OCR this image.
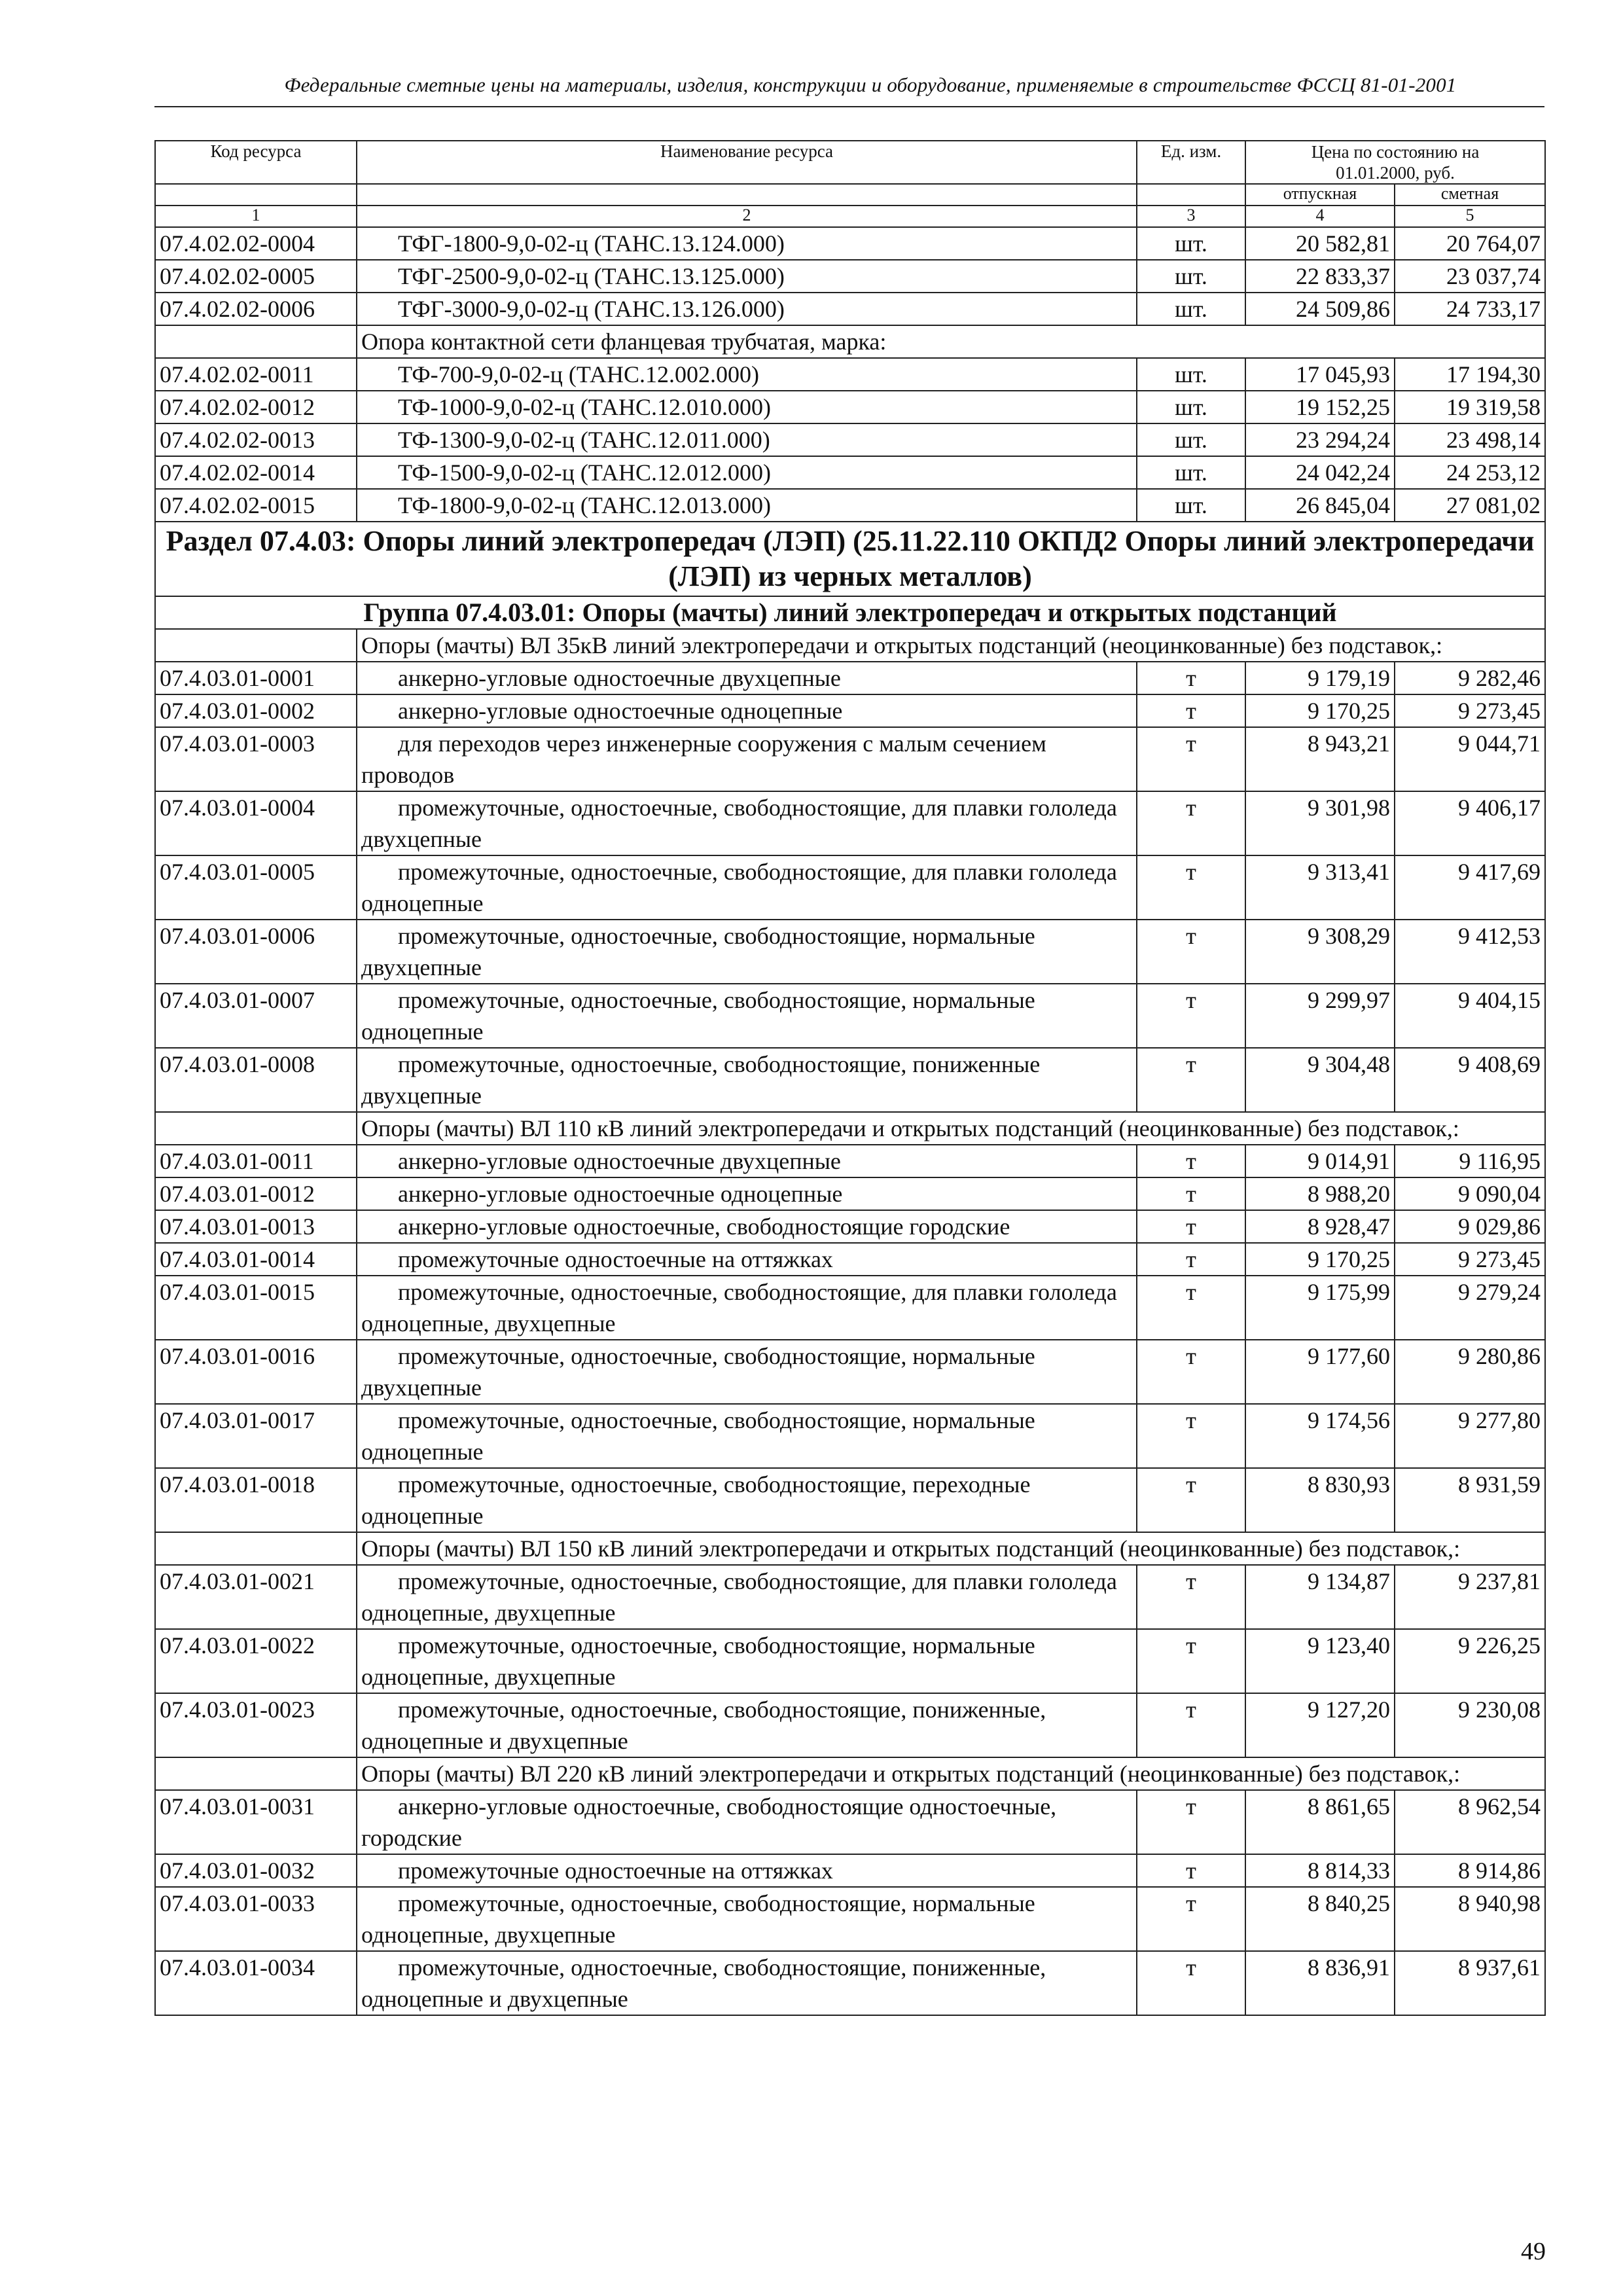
Федеральные сметные цены на материалы, изделия, конструкции и оборудование, применяемые в строительстве ФССЦ 81-01-2001
Код ресурса	Наименование ресурса	Ед. изм.	Цена по состоянию на 01.01.2000, руб.	

			отпускная	сметная
1	2	3	4	5
07.4.02.02-0004	ТФГ-1800-9,0-02-ц (ТАНС.13.124.000)	шт.	20 582,81	20 764,07
07.4.02.02-0005	ТФГ-2500-9,0-02-ц (ТАНС.13.125.000)	шт.	22 833,37	23 037,74
07.4.02.02-0006	ТФГ-3000-9,0-02-ц (ТАНС.13.126.000)	шт.	24 509,86	24 733,17
	Опора контактной сети фланцевая трубчатая, марка:			
07.4.02.02-0011	ТФ-700-9,0-02-ц (ТАНС.12.002.000)	шт.	17 045,93	17 194,30
07.4.02.02-0012	ТФ-1000-9,0-02-ц (ТАНС.12.010.000)	шт.	19 152,25	19 319,58
07.4.02.02-0013	ТФ-1300-9,0-02-ц (ТАНС.12.011.000)	шт.	23 294,24	23 498,14
07.4.02.02-0014	ТФ-1500-9,0-02-ц (ТАНС.12.012.000)	шт.	24 042,24	24 253,12
07.4.02.02-0015	ТФ-1800-9,0-02-ц (ТАНС.12.013.000)	шт.	26 845,04	27 081,02
Раздел 07.4.03: Опоры линий электропередач (ЛЭП) (25.11.22.110 ОКПД2 Опоры линий электропередачи (ЛЭП) из черных металлов)				
Группа 07.4.03.01: Опоры (мачты) линий электропередач и открытых подстанций				
	Опоры (мачты) ВЛ 35кВ линий электропередачи и открытых подстанций (неоцинкованные) без подставок,:			
07.4.03.01-0001	анкерно-угловые одностоечные двухцепные	т	9 179,19	9 282,46
07.4.03.01-0002	анкерно-угловые одностоечные одноцепные	т	9 170,25	9 273,45
07.4.03.01-0003	для переходов через инженерные сооружения с малым сечением проводов	т	8 943,21	9 044,71
07.4.03.01-0004	промежуточные, одностоечные, свободностоящие, для плавки гололеда двухцепные	т	9 301,98	9 406,17
07.4.03.01-0005	промежуточные, одностоечные, свободностоящие, для плавки гололеда одноцепные	т	9 313,41	9 417,69
07.4.03.01-0006	промежуточные, одностоечные, свободностоящие, нормальные двухцепные	т	9 308,29	9 412,53
07.4.03.01-0007	промежуточные, одностоечные, свободностоящие, нормальные одноцепные	т	9 299,97	9 404,15
07.4.03.01-0008	промежуточные, одностоечные, свободностоящие, пониженные двухцепные	т	9 304,48	9 408,69
	Опоры (мачты) ВЛ 110 кВ линий электропередачи и открытых подстанций (неоцинкованные) без подставок,:			
07.4.03.01-0011	анкерно-угловые одностоечные двухцепные	т	9 014,91	9 116,95
07.4.03.01-0012	анкерно-угловые одностоечные одноцепные	т	8 988,20	9 090,04
07.4.03.01-0013	анкерно-угловые одностоечные, свободностоящие городские	т	8 928,47	9 029,86
07.4.03.01-0014	промежуточные одностоечные на оттяжках	т	9 170,25	9 273,45
07.4.03.01-0015	промежуточные, одностоечные, свободностоящие, для плавки гололеда одноцепные, двухцепные	т	9 175,99	9 279,24
07.4.03.01-0016	промежуточные, одностоечные, свободностоящие, нормальные двухцепные	т	9 177,60	9 280,86
07.4.03.01-0017	промежуточные, одностоечные, свободностоящие, нормальные одноцепные	т	9 174,56	9 277,80
07.4.03.01-0018	промежуточные, одностоечные, свободностоящие, переходные одноцепные	т	8 830,93	8 931,59
	Опоры (мачты) ВЛ 150 кВ линий электропередачи и открытых подстанций (неоцинкованные) без подставок,:			
07.4.03.01-0021	промежуточные, одностоечные, свободностоящие, для плавки гололеда одноцепные, двухцепные	т	9 134,87	9 237,81
07.4.03.01-0022	промежуточные, одностоечные, свободностоящие, нормальные одноцепные, двухцепные	т	9 123,40	9 226,25
07.4.03.01-0023	промежуточные, одностоечные, свободностоящие, пониженные, одноцепные и двухцепные	т	9 127,20	9 230,08
	Опоры (мачты) ВЛ 220 кВ линий электропередачи и открытых подстанций (неоцинкованные) без подставок,:			
07.4.03.01-0031	анкерно-угловые одностоечные, свободностоящие одностоечные, городские	т	8 861,65	8 962,54
07.4.03.01-0032	промежуточные одностоечные на оттяжках	т	8 814,33	8 914,86
07.4.03.01-0033	промежуточные, одностоечные, свободностоящие, нормальные одноцепные, двухцепные	т	8 840,25	8 940,98
07.4.03.01-0034	промежуточные, одностоечные, свободностоящие, пониженные, одноцепные и двухцепные	т	8 836,91	8 937,61
49
